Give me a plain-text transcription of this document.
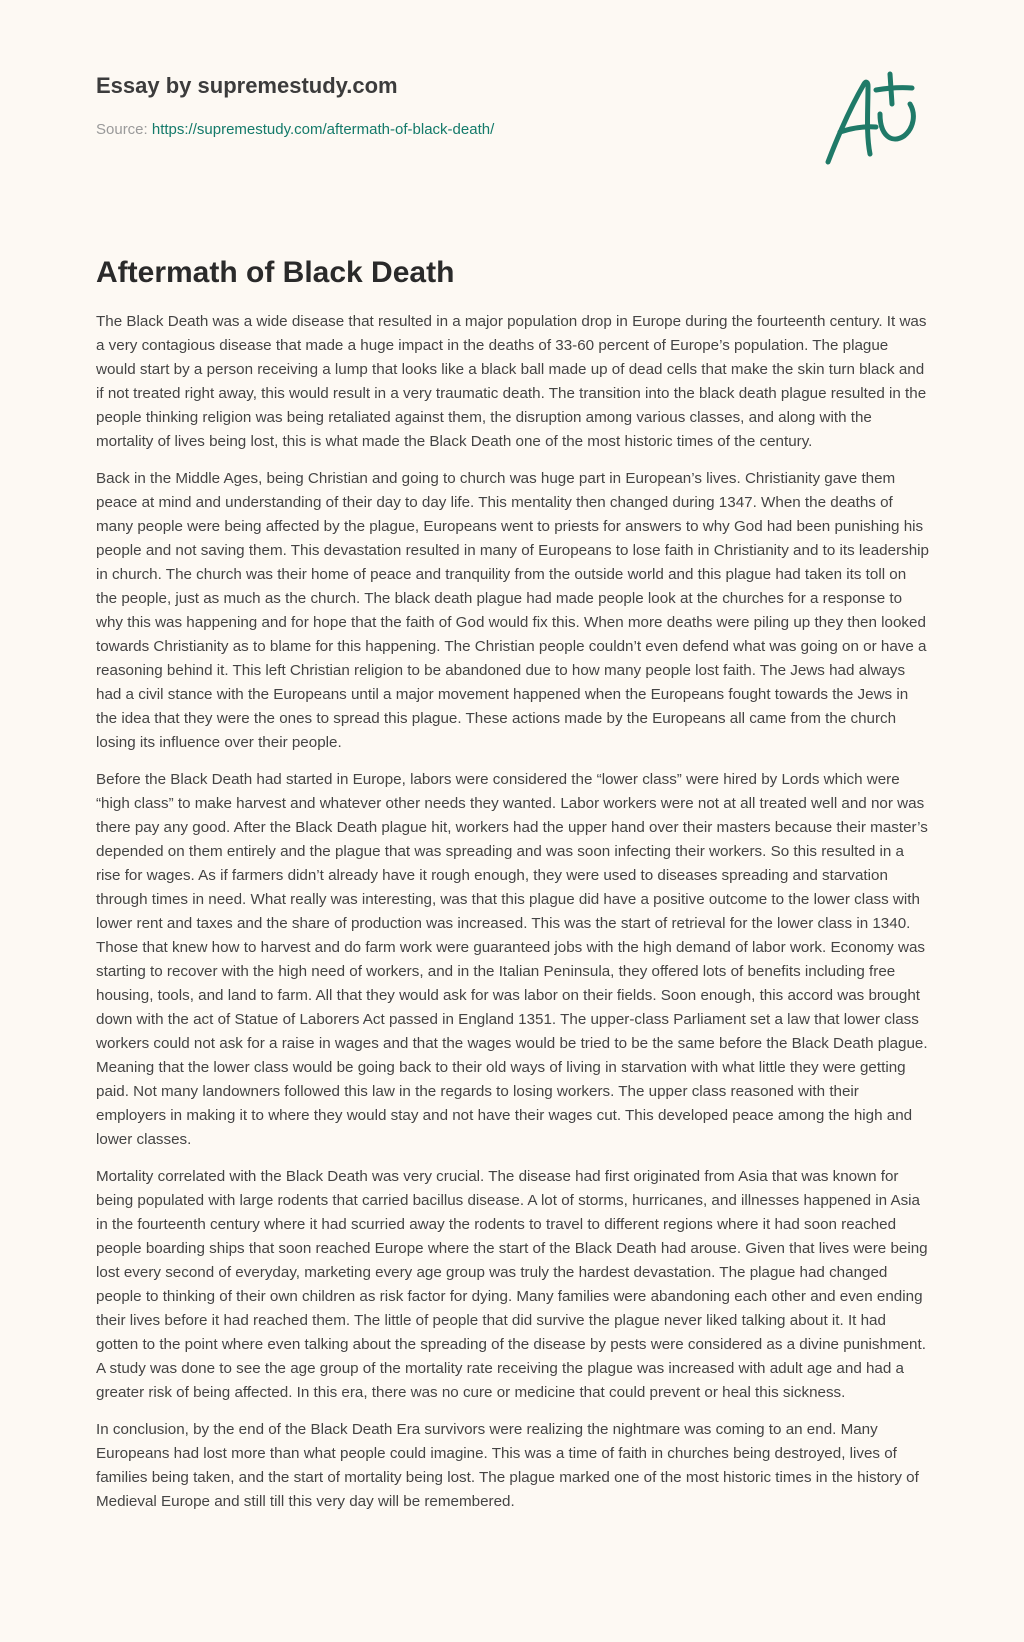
Essay by supremestudy.com
Source: https://supremestudy.com/aftermath-of-black-death/
Aftermath of Black Death

The Black Death was a wide disease that resulted in a major population drop in Europe during the fourteenth century. It was a very contagious disease that made a huge impact in the deaths of 33-60 percent of Europe’s population. The plague would start by a person receiving a lump that looks like a black ball made up of dead cells that make the skin turn black and if not treated right away, this would result in a very traumatic death. The transition into the black death plague resulted in the people thinking religion was being retaliated against them, the disruption among various classes, and along with the mortality of lives being lost, this is what made the Black Death one of the most historic times of the century.

Back in the Middle Ages, being Christian and going to church was huge part in European’s lives. Christianity gave them peace at mind and understanding of their day to day life. This mentality then changed during 1347. When the deaths of many people were being affected by the plague, Europeans went to priests for answers to why God had been punishing his people and not saving them. This devastation resulted in many of Europeans to lose faith in Christianity and to its leadership in church. The church was their home of peace and tranquility from the outside world and this plague had taken its toll on the people, just as much as the church. The black death plague had made people look at the churches for a response to why this was happening and for hope that the faith of God would fix this. When more deaths were piling up they then looked towards Christianity as to blame for this happening. The Christian people couldn’t even defend what was going on or have a reasoning behind it. This left Christian religion to be abandoned due to how many people lost faith. The Jews had always had a civil stance with the Europeans until a major movement happened when the Europeans fought towards the Jews in the idea that they were the ones to spread this plague. These actions made by the Europeans all came from the church losing its influence over their people.

Before the Black Death had started in Europe, labors were considered the “lower class” were hired by Lords which were “high class” to make harvest and whatever other needs they wanted. Labor workers were not at all treated well and nor was there pay any good. After the Black Death plague hit, workers had the upper hand over their masters because their master’s depended on them entirely and the plague that was spreading and was soon infecting their workers. So this resulted in a rise for wages. As if farmers didn’t already have it rough enough, they were used to diseases spreading and starvation through times in need. What really was interesting, was that this plague did have a positive outcome to the lower class with lower rent and taxes and the share of production was increased. This was the start of retrieval for the lower class in 1340. Those that knew how to harvest and do farm work were guaranteed jobs with the high demand of labor work. Economy was starting to recover with the high need of workers, and in the Italian Peninsula, they offered lots of benefits including free housing, tools, and land to farm. All that they would ask for was labor on their fields. Soon enough, this accord was brought down with the act of Statue of Laborers Act passed in England 1351. The upper-class Parliament set a law that lower class workers could not ask for a raise in wages and that the wages would be tried to be the same before the Black Death plague. Meaning that the lower class would be going back to their old ways of living in starvation with what little they were getting paid. Not many landowners followed this law in the regards to losing workers. The upper class reasoned with their employers in making it to where they would stay and not have their wages cut. This developed peace among the high and lower classes.

Mortality correlated with the Black Death was very crucial. The disease had first originated from Asia that was known for being populated with large rodents that carried bacillus disease. A lot of storms, hurricanes, and illnesses happened in Asia in the fourteenth century where it had scurried away the rodents to travel to different regions where it had soon reached people boarding ships that soon reached Europe where the start of the Black Death had arouse. Given that lives were being lost every second of everyday, marketing every age group was truly the hardest devastation. The plague had changed people to thinking of their own children as risk factor for dying. Many families were abandoning each other and even ending their lives before it had reached them. The little of people that did survive the plague never liked talking about it. It had gotten to the point where even talking about the spreading of the disease by pests were considered as a divine punishment. A study was done to see the age group of the mortality rate receiving the plague was increased with adult age and had a greater risk of being affected. In this era, there was no cure or medicine that could prevent or heal this sickness.

In conclusion, by the end of the Black Death Era survivors were realizing the nightmare was coming to an end. Many Europeans had lost more than what people could imagine. This was a time of faith in churches being destroyed, lives of families being taken, and the start of mortality being lost. The plague marked one of the most historic times in the history of Medieval Europe and still till this very day will be remembered.
